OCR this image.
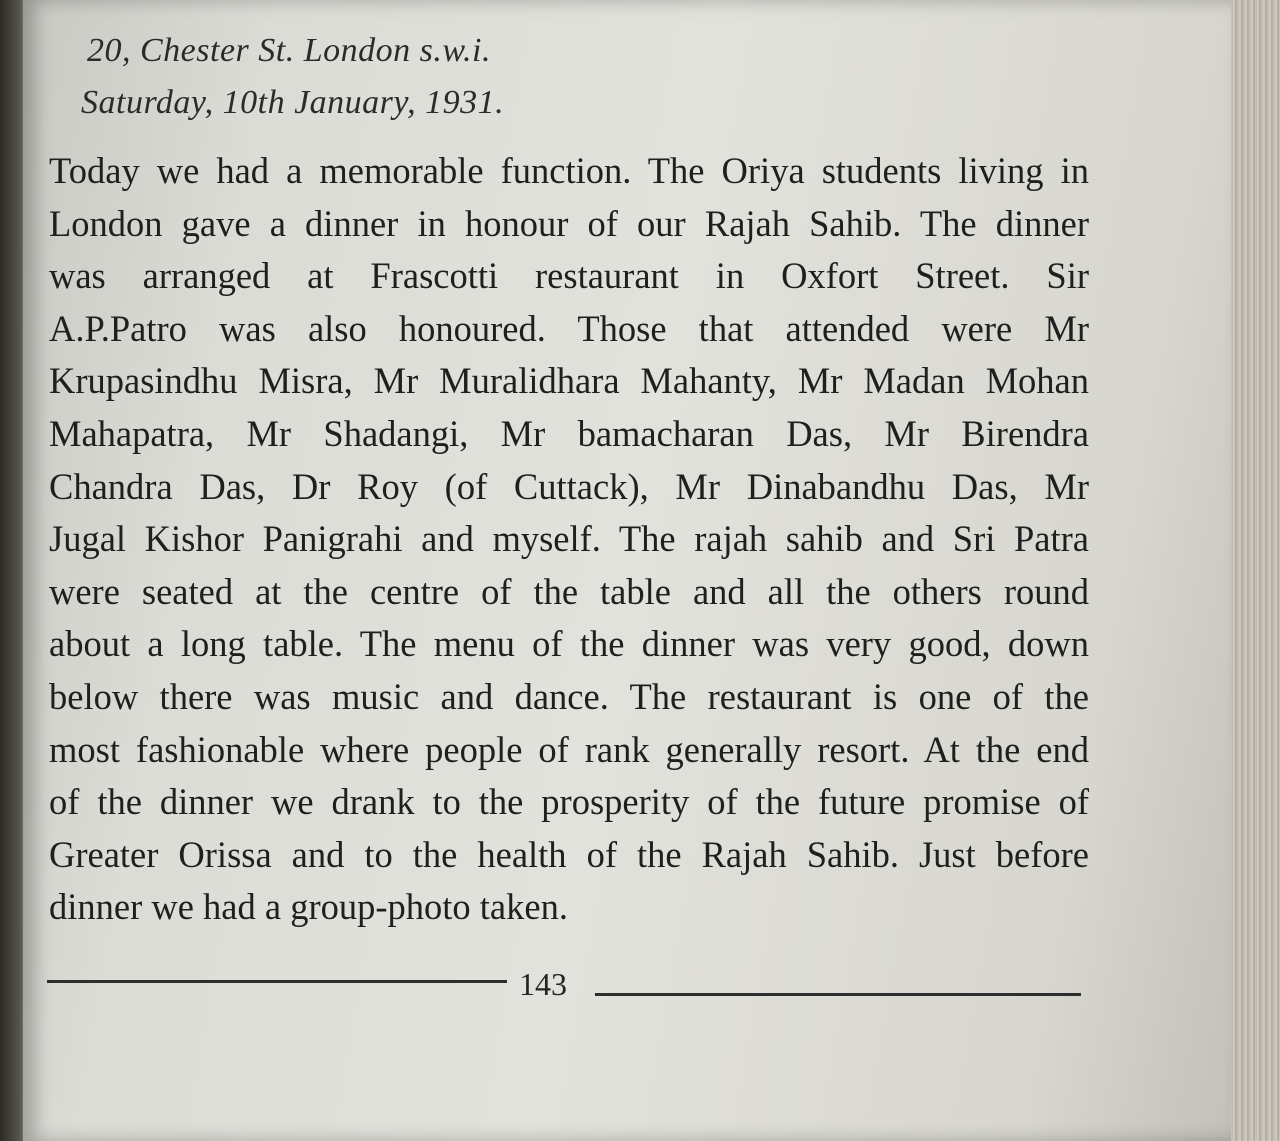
20, Chester St. London s.w.i.
Saturday, 10th January, 1931.
Today we had a memorable function. The Oriya students living in
London gave a dinner in honour of our Rajah Sahib. The dinner
was arranged at Frascotti restaurant in Oxfort Street. Sir
A.P.Patro was also honoured. Those that attended were Mr
Krupasindhu Misra, Mr Muralidhara Mahanty, Mr Madan Mohan
Mahapatra, Mr Shadangi, Mr bamacharan Das, Mr Birendra
Chandra Das, Dr Roy (of Cuttack), Mr Dinabandhu Das, Mr
Jugal Kishor Panigrahi and myself. The rajah sahib and Sri Patra
were seated at the centre of the table and all the others round
about a long table. The menu of the dinner was very good, down
below there was music and dance. The restaurant is one of the
most fashionable where people of rank generally resort. At the end
of the dinner we drank to the prosperity of the future promise of
Greater Orissa and to the health of the Rajah Sahib. Just before
dinner we had a group-photo taken.
143
